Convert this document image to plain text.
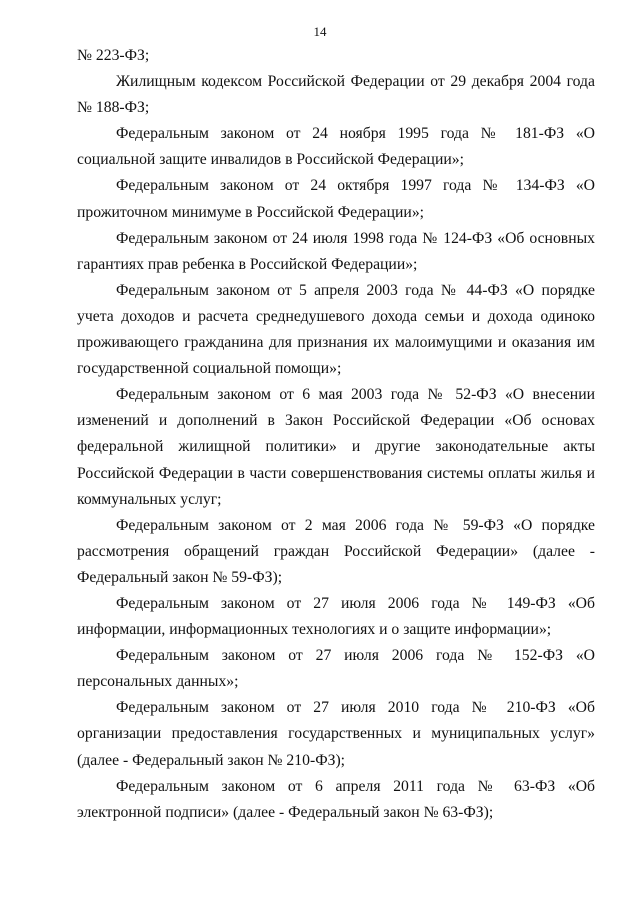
14

№ 223-ФЗ;

Жилищным кодексом Российской Федерации от 29 декабря 2004 года № 188-ФЗ;

Федеральным законом от 24 ноября 1995 года № 181-ФЗ «О социальной защите инвалидов в Российской Федерации»;

Федеральным законом от 24 октября 1997 года № 134-ФЗ «О прожиточном минимуме в Российской Федерации»;

Федеральным законом от 24 июля 1998 года № 124-ФЗ «Об основных гарантиях прав ребенка в Российской Федерации»;

Федеральным законом от 5 апреля 2003 года № 44-ФЗ «О порядке учета доходов и расчета среднедушевого дохода семьи и дохода одиноко проживающего гражданина для признания их малоимущими и оказания им государственной социальной помощи»;

Федеральным законом от 6 мая 2003 года № 52-ФЗ «О внесении изменений и дополнений в Закон Российской Федерации «Об основах федеральной жилищной политики» и другие законодательные акты Российской Федерации в части совершенствования системы оплаты жилья и коммунальных услуг;

Федеральным законом от 2 мая 2006 года № 59-ФЗ «О порядке рассмотрения обращений граждан Российской Федерации» (далее - Федеральный закон № 59-ФЗ);

Федеральным законом от 27 июля 2006 года № 149-ФЗ «Об информации, информационных технологиях и о защите информации»;

Федеральным законом от 27 июля 2006 года № 152-ФЗ «О персональных данных»;

Федеральным законом от 27 июля 2010 года № 210-ФЗ «Об организации предоставления государственных и муниципальных услуг» (далее - Федеральный закон № 210-ФЗ);

Федеральным законом от 6 апреля 2011 года № 63-ФЗ «Об электронной подписи» (далее - Федеральный закон № 63-ФЗ);
